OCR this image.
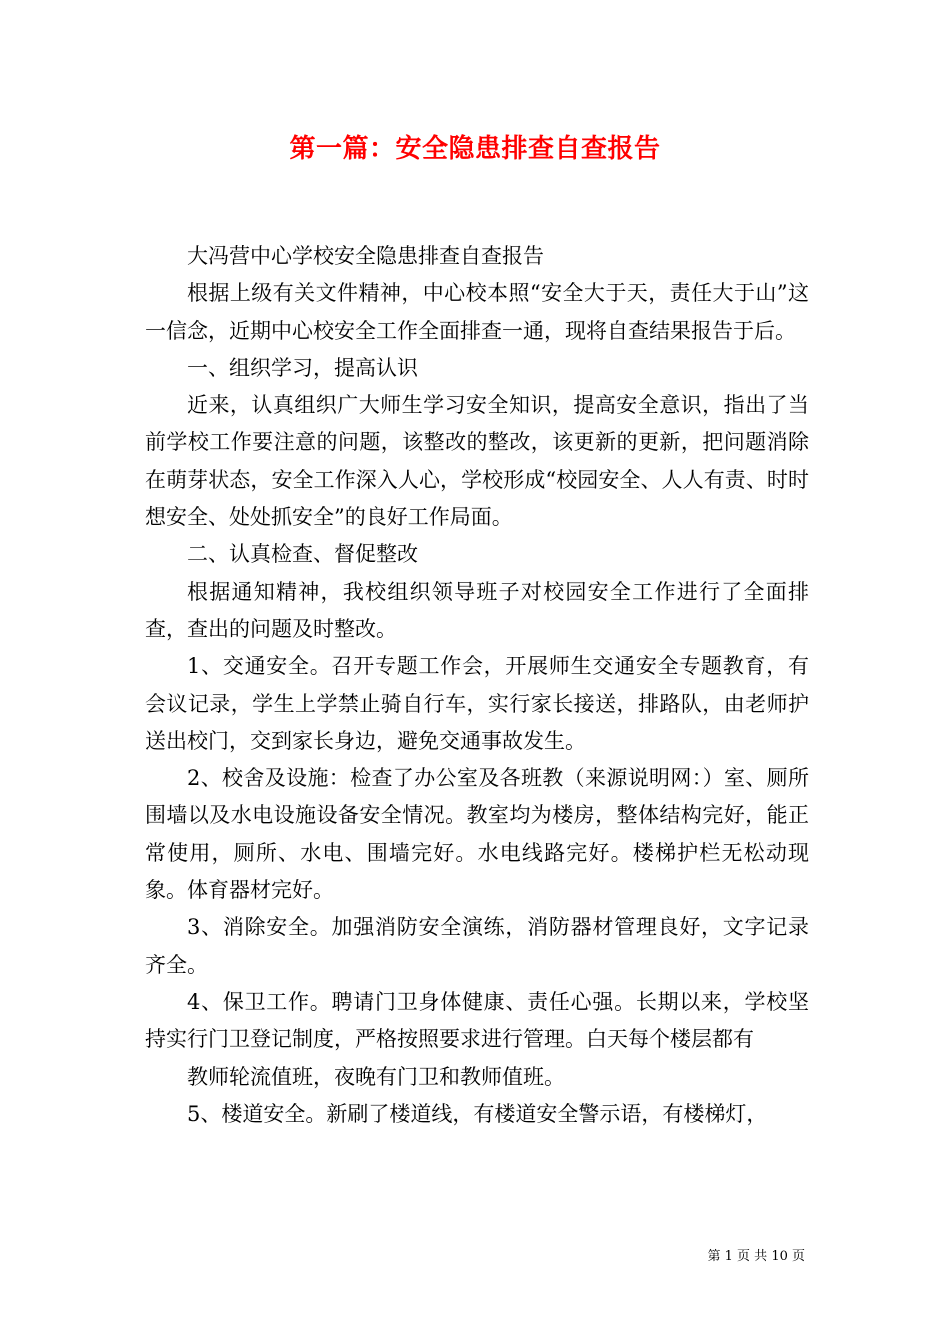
第一篇：安全隐患排查自查报告

大冯营中心学校安全隐患排查自查报告

根据上级有关文件精神，中心校本照“安全大于天，责任大于山”这一信念，近期中心校安全工作全面排查一通，现将自查结果报告于后。

一、组织学习，提高认识

近来，认真组织广大师生学习安全知识，提高安全意识，指出了当前学校工作要注意的问题，该整改的整改，该更新的更新，把问题消除在萌芽状态，安全工作深入人心，学校形成“校园安全、人人有责、时时想安全、处处抓安全”的良好工作局面。

二、认真检查、督促整改

根据通知精神，我校组织领导班子对校园安全工作进行了全面排查，查出的问题及时整改。

1、交通安全。召开专题工作会，开展师生交通安全专题教育，有会议记录，学生上学禁止骑自行车，实行家长接送，排路队，由老师护送出校门，交到家长身边，避免交通事故发生。

2、校舍及设施：检查了办公室及各班教（来源说明网：）室、厕所围墙以及水电设施设备安全情况。教室均为楼房，整体结构完好，能正常使用，厕所、水电、围墙完好。水电线路完好。楼梯护栏无松动现象。体育器材完好。

3、消除安全。加强消防安全演练，消防器材管理良好，文字记录齐全。

4、保卫工作。聘请门卫身体健康、责任心强。长期以来，学校坚持实行门卫登记制度，严格按照要求进行管理。白天每个楼层都有

教师轮流值班，夜晚有门卫和教师值班。

5、楼道安全。新刷了楼道线，有楼道安全警示语，有楼梯灯，

第 1 页 共 10 页
